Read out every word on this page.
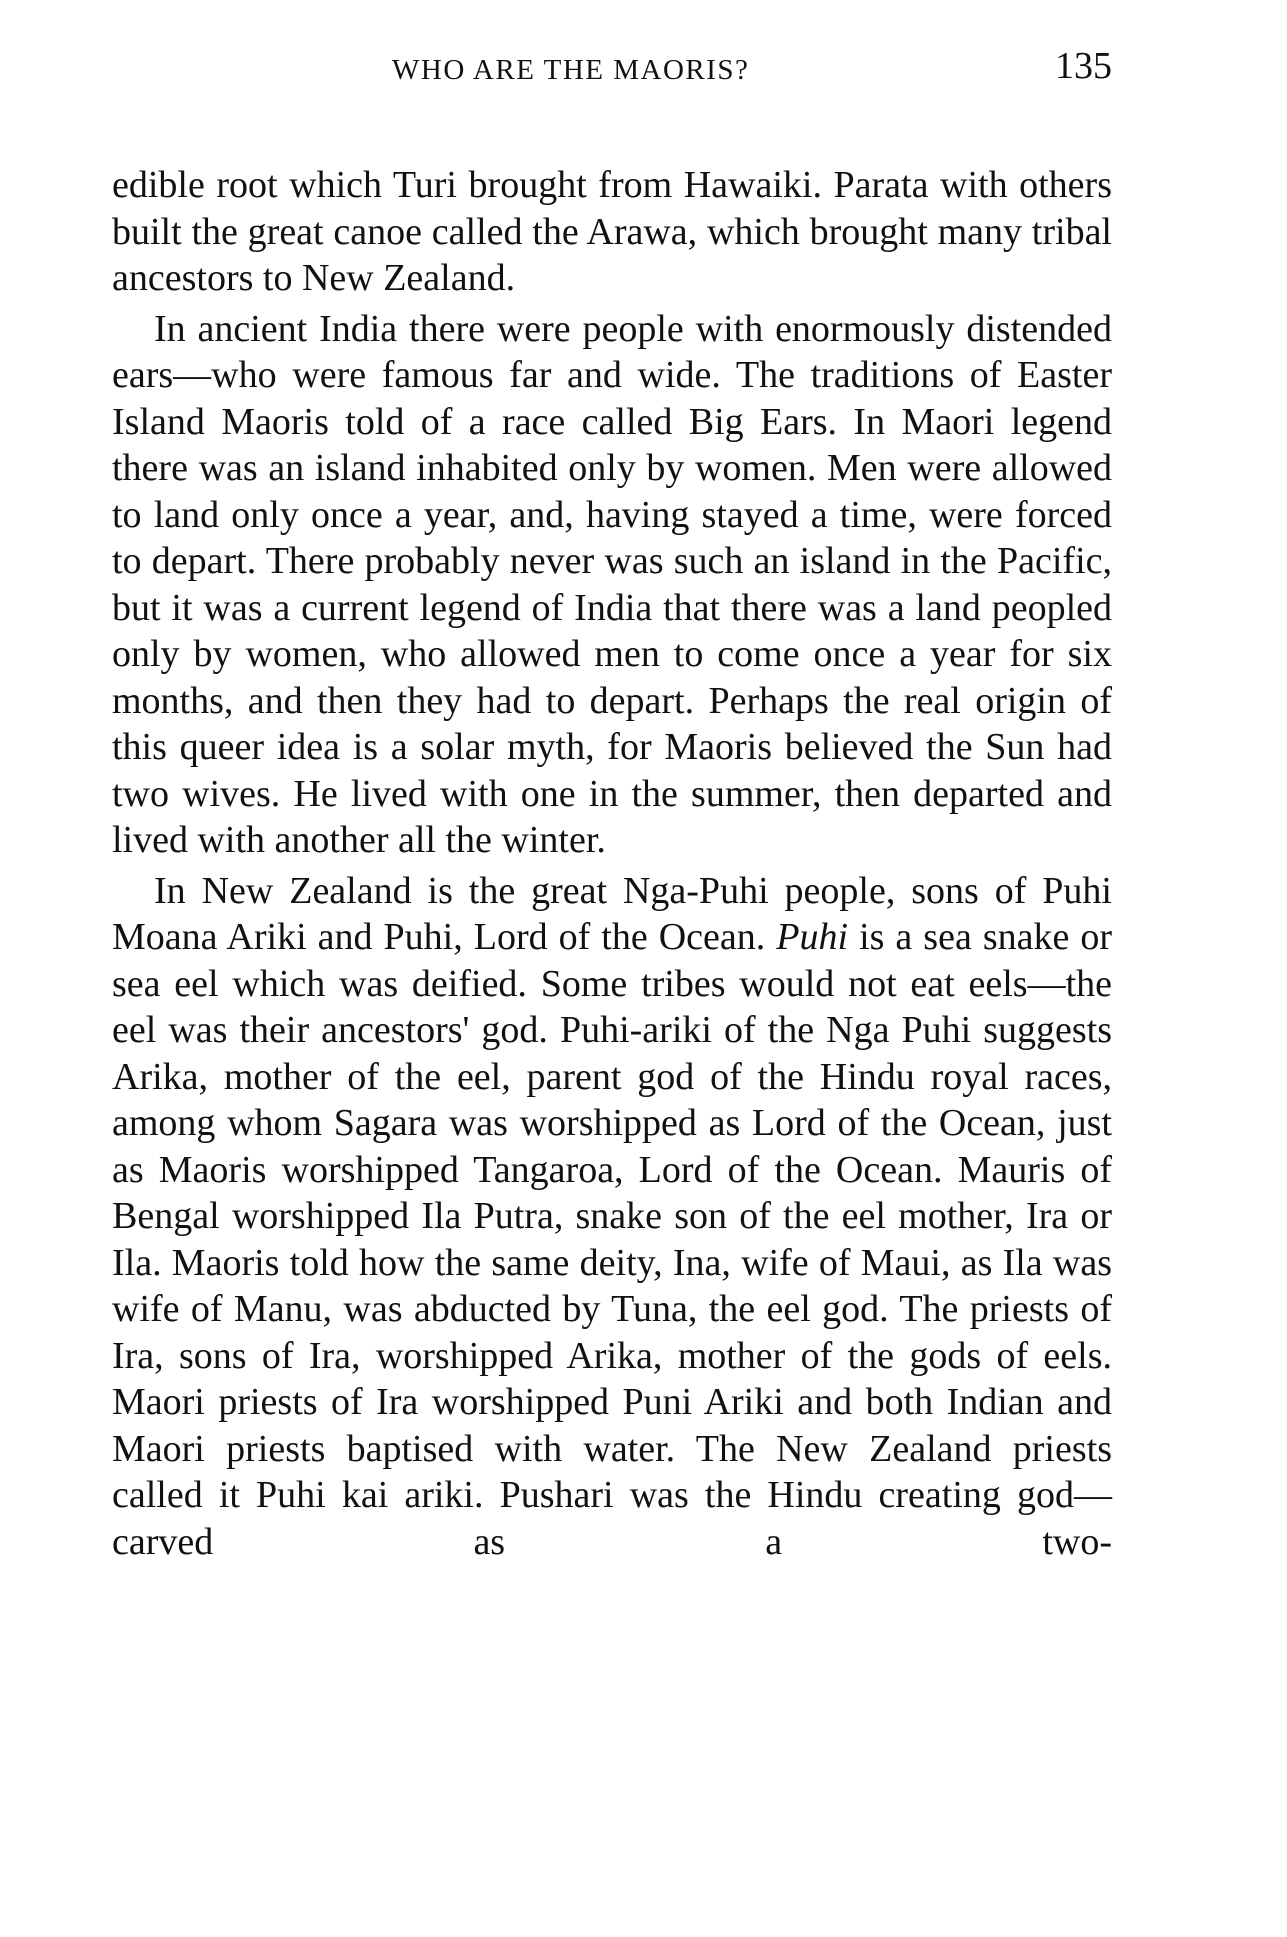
WHO ARE THE MAORIS?	135

edible root which Turi brought from Hawaiki. Parata with others built the great canoe called the Arawa, which brought many tribal ancestors to New Zealand.

In ancient India there were people with enormously distended ears—who were famous far and wide. The traditions of Easter Island Maoris told of a race called Big Ears. In Maori legend there was an island inhabited only by women. Men were allowed to land only once a year, and, having stayed a time, were forced to depart. There probably never was such an island in the Pacific, but it was a current legend of India that there was a land peopled only by women, who allowed men to come once a year for six months, and then they had to depart. Perhaps the real origin of this queer idea is a solar myth, for Maoris believed the Sun had two wives. He lived with one in the summer, then departed and lived with another all the winter.

In New Zealand is the great Nga-Puhi people, sons of Puhi Moana Ariki and Puhi, Lord of the Ocean. Puhi is a sea snake or sea eel which was deified. Some tribes would not eat eels—the eel was their ancestors' god. Puhi-ariki of the Nga Puhi suggests Arika, mother of the eel, parent god of the Hindu royal races, among whom Sagara was worshipped as Lord of the Ocean, just as Maoris worshipped Tangaroa, Lord of the Ocean. Mauris of Bengal worshipped Ila Putra, snake son of the eel mother, Ira or Ila. Maoris told how the same deity, Ina, wife of Maui, as Ila was wife of Manu, was abducted by Tuna, the eel god. The priests of Ira, sons of Ira, worshipped Arika, mother of the gods of eels. Maori priests of Ira worshipped Puni Ariki and both Indian and Maori priests baptised with water. The New Zealand priests called it Puhi kai ariki. Pushari was the Hindu creating god—carved as a two-
